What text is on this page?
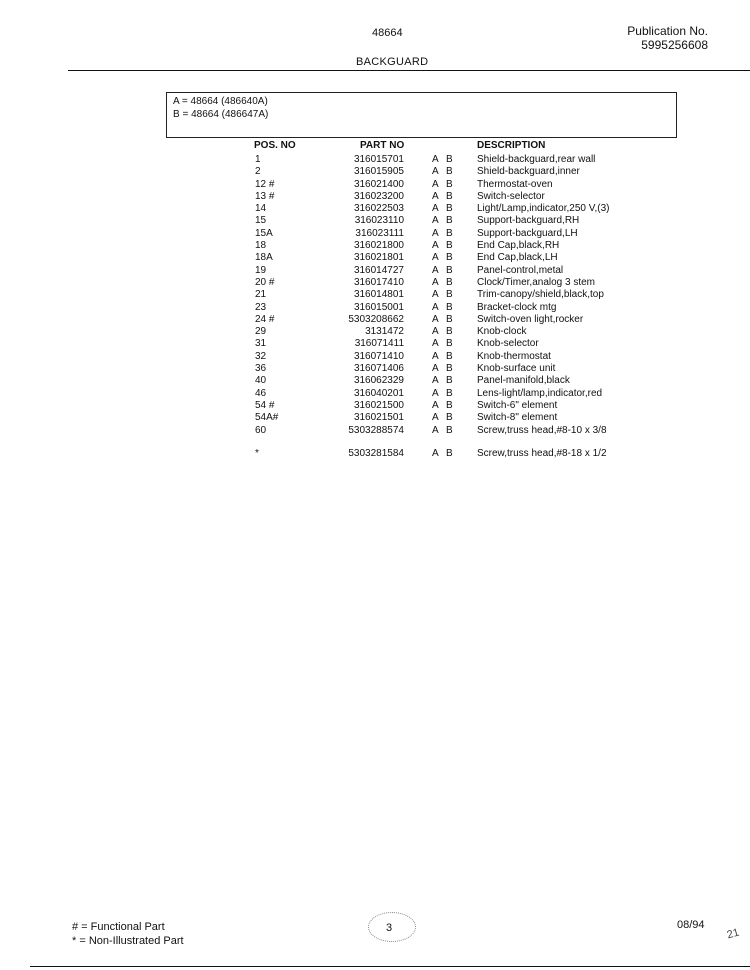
48664	Publication No.
5995256608
BACKGUARD
A = 48664 (486640A)
B = 48664 (486647A)
POS. NO	PART NO	DESCRIPTION
1	316015701	A B Shield-backguard,rear wall
2	316015905	A B Shield-backguard,inner
12 #	316021400	A B Thermostat-oven
13 #	316023200	A B Switch-selector
14	316022503	A B Light/Lamp,indicator,250 V,(3)
15	316023110	A B Support-backguard,RH
15A	316023111	A B Support-backguard,LH
18	316021800	A B End Cap,black,RH
18A	316021801	A B End Cap,black,LH
19	316014727	A B Panel-control,metal
20 #	316017410	A B Clock/Timer,analog 3 stem
21	316014801	A B Trim-canopy/shield,black,top
23	316015001	A B Bracket-clock mtg
24 #	5303208662	A B Switch-oven light,rocker
29	3131472	A B Knob-clock
31	316071411	A B Knob-selector
32	316071410	A B Knob-thermostat
36	316071406	A B Knob-surface unit
40	316062329	A B Panel-manifold,black
46	316040201	A B Lens-light/lamp,indicator,red
54 #	316021500	A B Switch-6" element
54A#	316021501	A B Switch-8" element
60	5303288574	A B Screw,truss head,#8-10 x 3/8
*	5303281584	A B Screw,truss head,#8-18 x 1/2
# = Functional Part
* = Non-Illustrated Part
3	08/94
21
